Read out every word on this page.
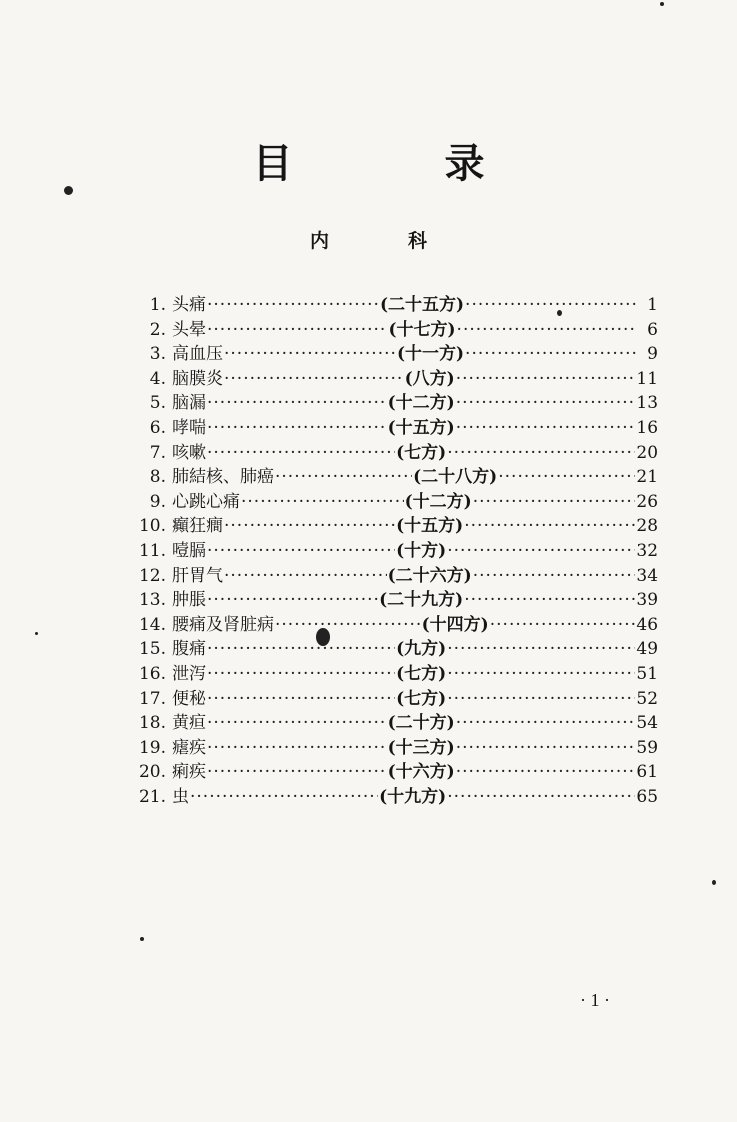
目　录
内　科
1. 头痛 ·····	(二十五方) ·····	1
2. 头晕 ·····	(十七方) ·····	6
3. 高血压 ·····	(十一方) ·····	9
4. 脑膜炎 ·····	(八方) ·····	11
5. 脑漏 ·····	(十二方) ·····	13
6. 哮喘 ·····	(十五方) ·····	16
7. 咳嗽 ·····	(七方) ·····	20
8. 肺結核、肺癌 ·····	(二十八方) ·····	21
9. 心跳心痛 ·····	(十二方) ·····	26
10. 癲狂癎 ·····	(十五方) ·····	28
11. 噎膈 ·····	(十方) ·····	32
12. 肝胃气 ·····	(二十六方) ·····	34
13. 肿脹 ·····	(二十九方) ·····	39
14. 腰痛及肾脏病 ·····	(十四方) ·····	46
15. 腹痛 ·····	(九方) ·····	49
16. 泄泻 ·····	(七方) ·····	51
17. 便秘 ·····	(七方) ·····	52
18. 黄疸 ·····	(二十方) ·····	54
19. 瘧疾 ·····	(十三方) ·····	59
20. 痢疾 ·····	(十六方) ·····	61
21. 虫 ·····	(十九方) ·····	65
· 1 ·
